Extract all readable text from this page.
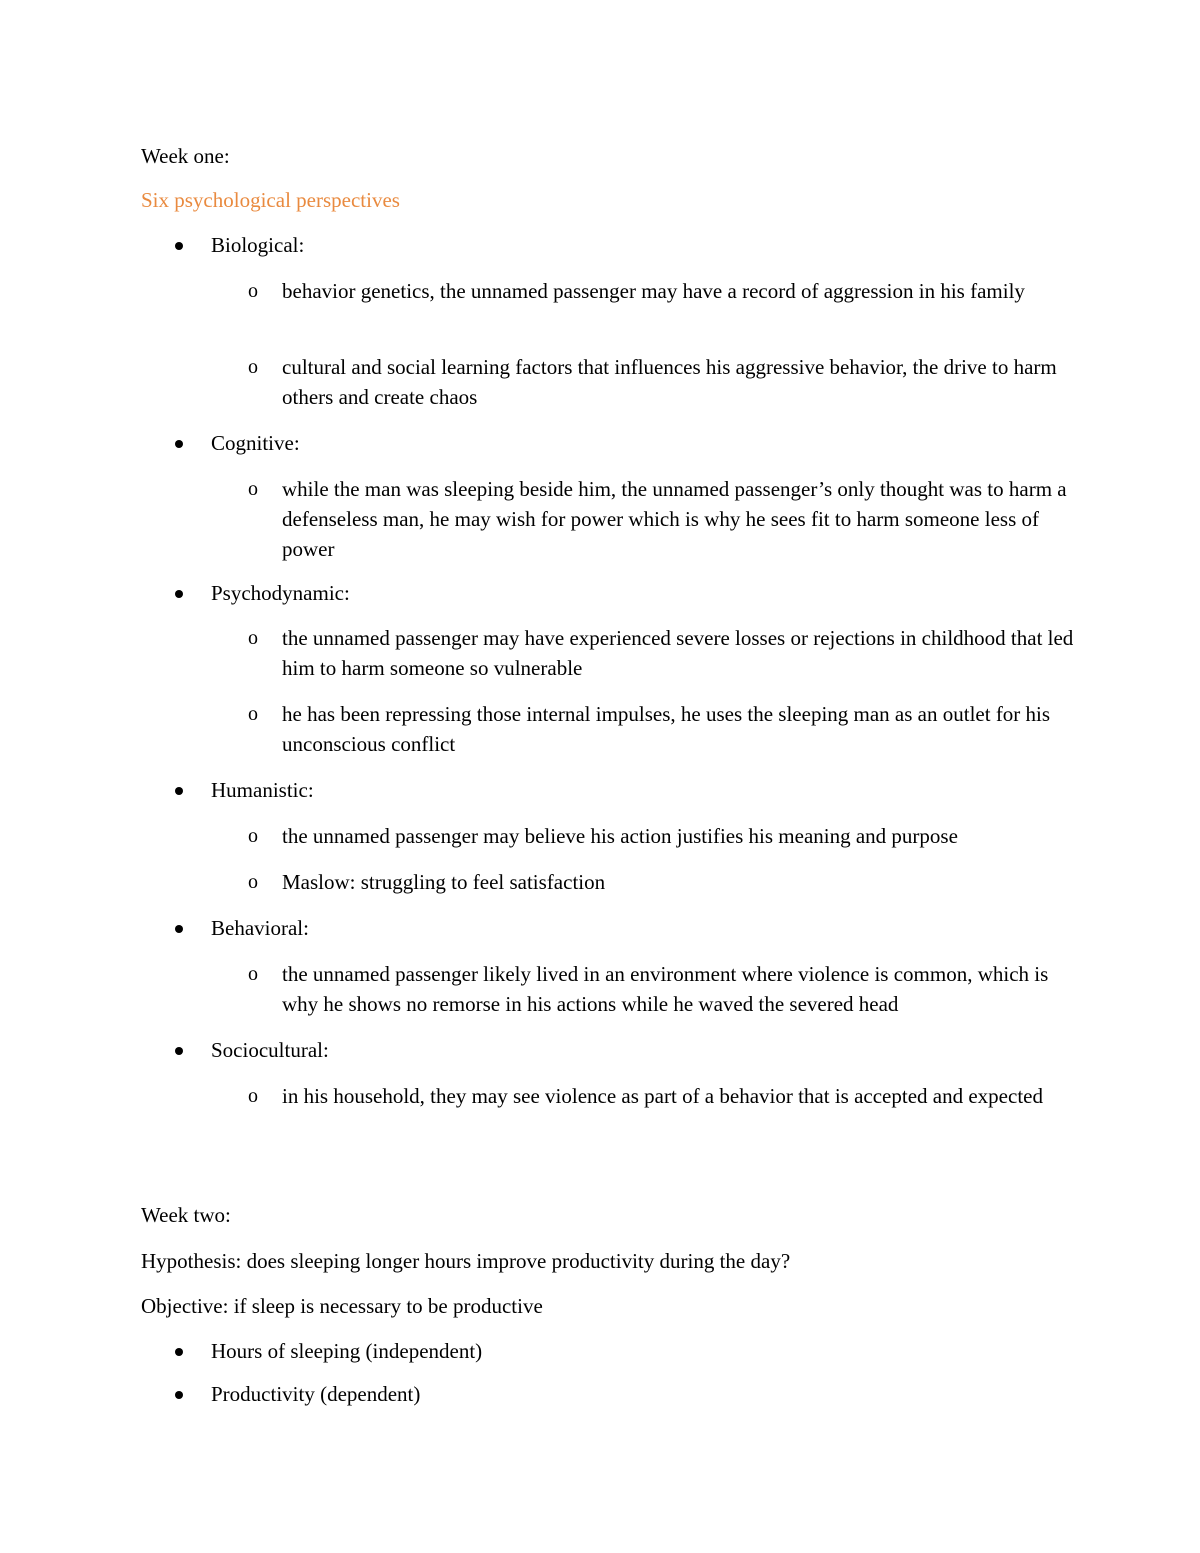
Week one:

Six psychological perspectives

Biological:
o behavior genetics, the unnamed passenger may have a record of aggression in his family
o cultural and social learning factors that influences his aggressive behavior, the drive to harm others and create chaos
Cognitive:
o while the man was sleeping beside him, the unnamed passenger’s only thought was to harm a defenseless man, he may wish for power which is why he sees fit to harm someone less of power
Psychodynamic:
o the unnamed passenger may have experienced severe losses or rejections in childhood that led him to harm someone so vulnerable
o he has been repressing those internal impulses, he uses the sleeping man as an outlet for his unconscious conflict
Humanistic:
o the unnamed passenger may believe his action justifies his meaning and purpose
o Maslow: struggling to feel satisfaction
Behavioral:
o the unnamed passenger likely lived in an environment where violence is common, which is why he shows no remorse in his actions while he waved the severed head
Sociocultural:
o in his household, they may see violence as part of a behavior that is accepted and expected

Week two:

Hypothesis: does sleeping longer hours improve productivity during the day?

Objective: if sleep is necessary to be productive

Hours of sleeping (independent)
Productivity (dependent)
